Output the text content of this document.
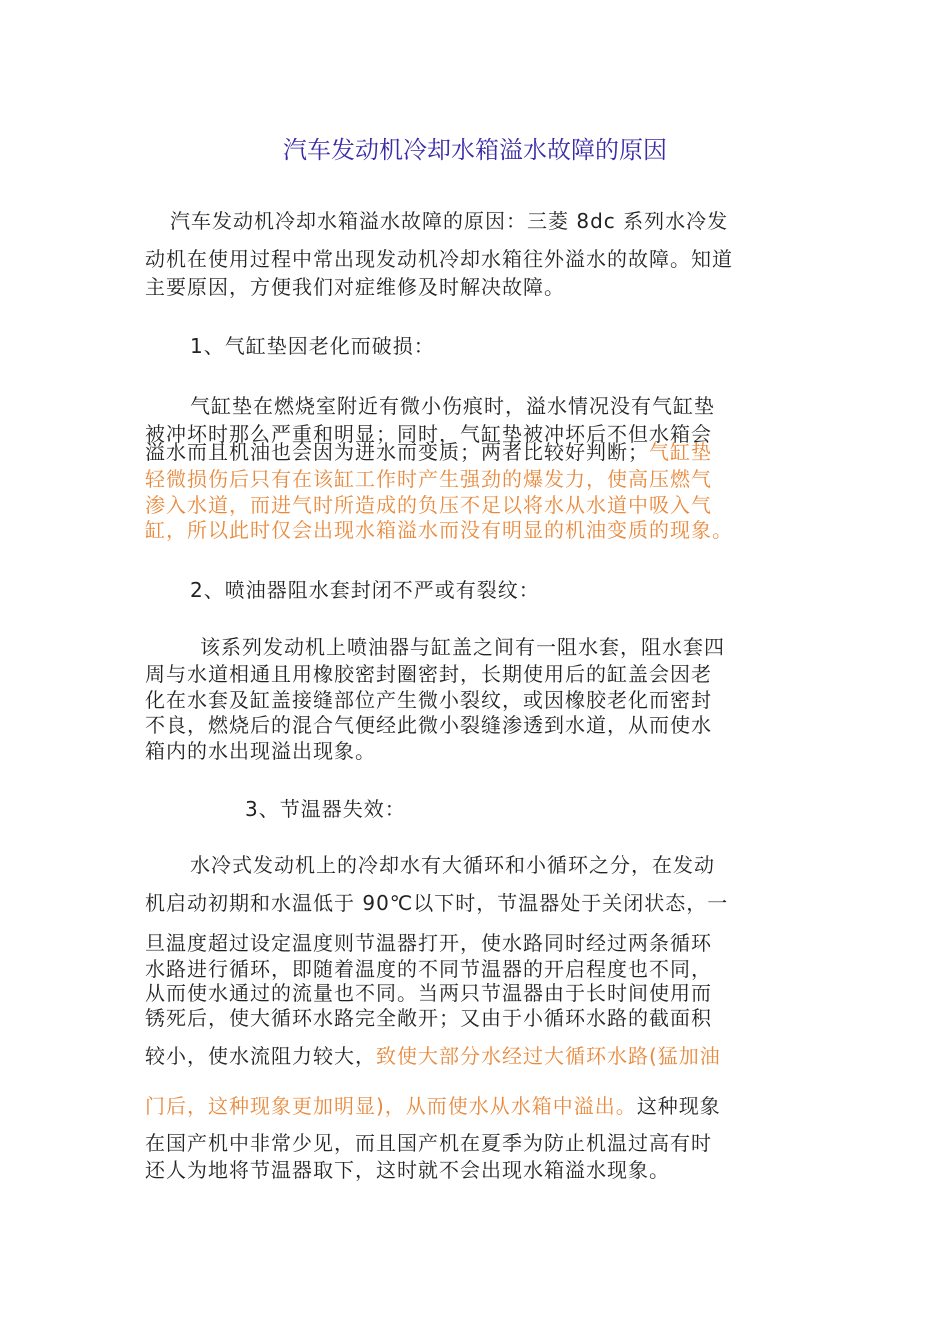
汽车发动机冷却水箱溢水故障的原因
汽车发动机冷却水箱溢水故障的原因：三菱 8dc 系列水冷发
动机在使用过程中常出现发动机冷却水箱往外溢水的故障。知道
主要原因，方便我们对症维修及时解决故障。
1、气缸垫因老化而破损：
气缸垫在燃烧室附近有微小伤痕时，溢水情况没有气缸垫
被冲坏时那么严重和明显；同时，气缸垫被冲坏后不但水箱会
溢水而且机油也会因为进水而变质；两者比较好判断；气缸垫
轻微损伤后只有在该缸工作时产生强劲的爆发力，使高压燃气
渗入水道，而进气时所造成的负压不足以将水从水道中吸入气
缸，所以此时仅会出现水箱溢水而没有明显的机油变质的现象。
2、喷油器阻水套封闭不严或有裂纹：
该系列发动机上喷油器与缸盖之间有一阻水套，阻水套四
周与水道相通且用橡胶密封圈密封，长期使用后的缸盖会因老
化在水套及缸盖接缝部位产生微小裂纹，或因橡胶老化而密封
不良，燃烧后的混合气便经此微小裂缝渗透到水道，从而使水
箱内的水出现溢出现象。
3、节温器失效：
水冷式发动机上的冷却水有大循环和小循环之分，在发动
机启动初期和水温低于 90℃以下时，节温器处于关闭状态，一
旦温度超过设定温度则节温器打开，使水路同时经过两条循环
水路进行循环，即随着温度的不同节温器的开启程度也不同，
从而使水通过的流量也不同。当两只节温器由于长时间使用而
锈死后，使大循环水路完全敞开；又由于小循环水路的截面积
较小，使水流阻力较大，致使大部分水经过大循环水路(猛加油
门后，这种现象更加明显)，从而使水从水箱中溢出。这种现象
在国产机中非常少见，而且国产机在夏季为防止机温过高有时
还人为地将节温器取下，这时就不会出现水箱溢水现象。
